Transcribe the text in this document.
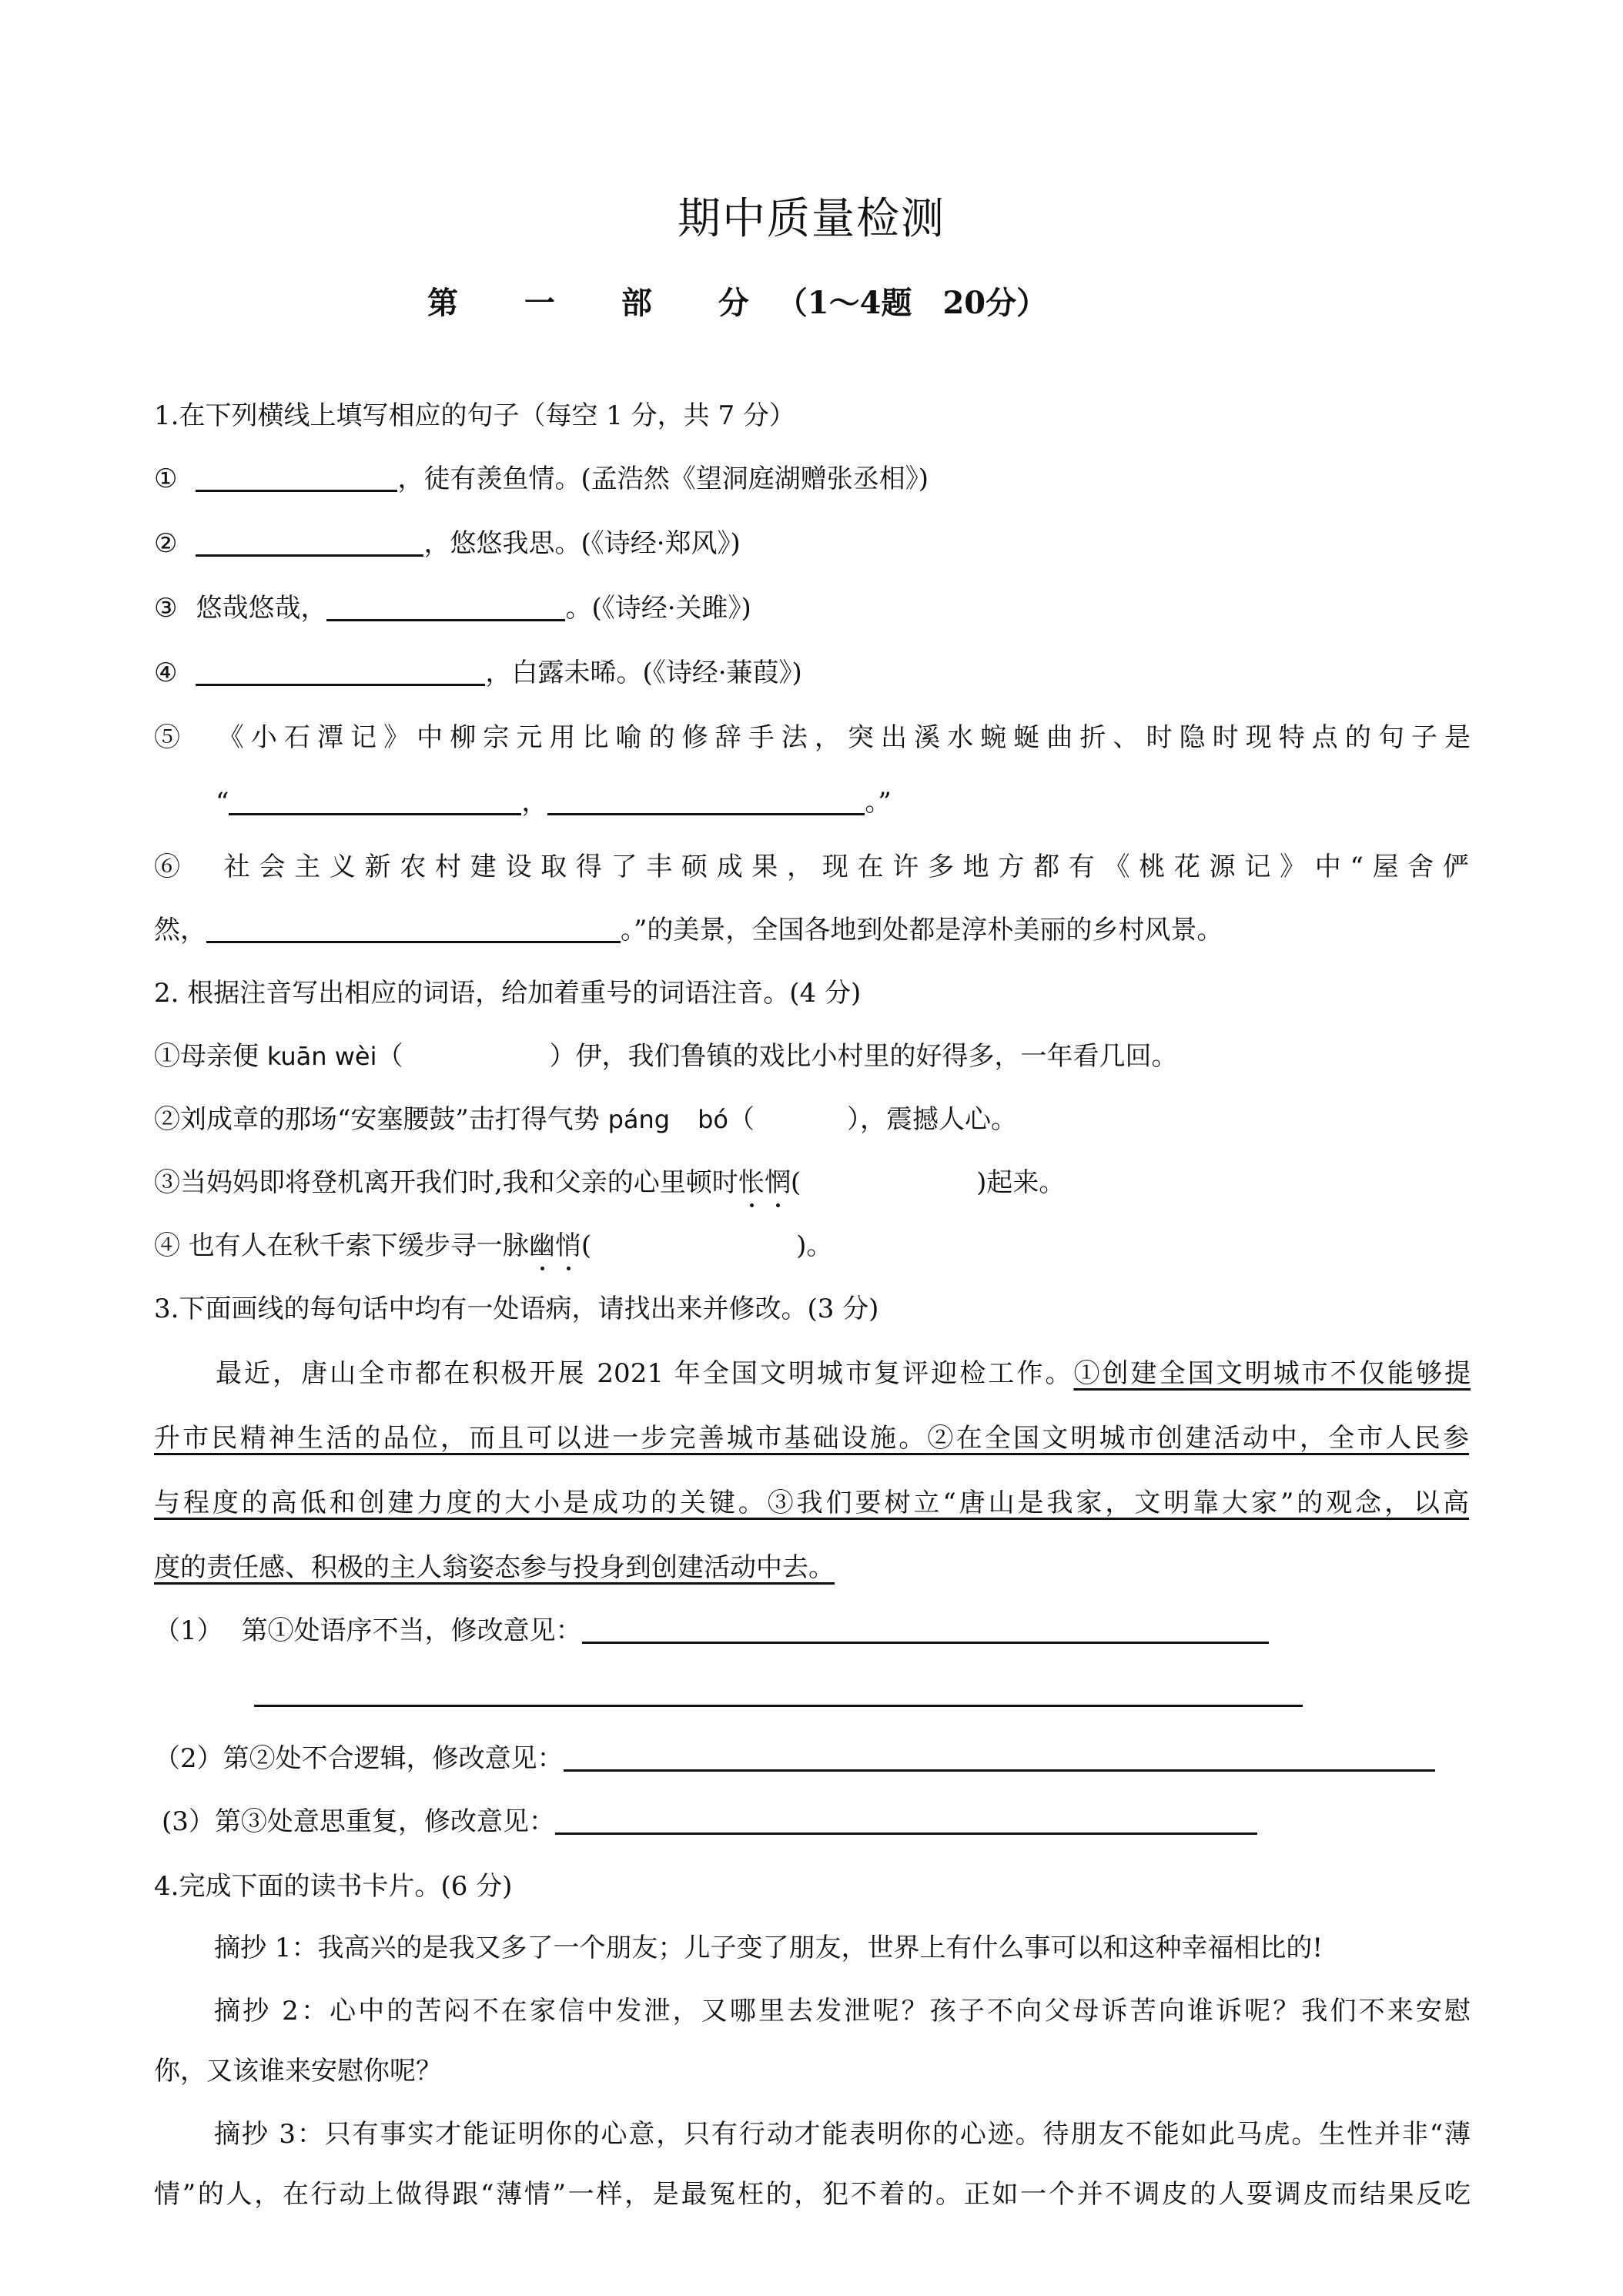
期中质量检测
第 一 部 分（1～4题　20分）
1.在下列横线上填写相应的句子（每空 1 分，共 7 分）
①	，徒有羡鱼情。(孟浩然《望洞庭湖赠张丞相》)
②	，悠悠我思。(《诗经·郑风》)
③ 悠哉悠哉，	。(《诗经·关雎》)
④	，白露未晞。(《诗经·蒹葭》)
⑤ 《小石潭记》中柳宗元用比喻的修辞手法，突出溪水蜿蜒曲折、时隐时现特点的句子是
“	，	。”
⑥ 社会主义新农村建设取得了丰硕成果，现在许多地方都有《桃花源记》中“屋舍俨
然，	。”的美景，全国各地到处都是淳朴美丽的乡村风景。
2. 根据注音写出相应的词语，给加着重号的词语注音。(4 分)
①母亲便 kuān wèi（	）伊，我们鲁镇的戏比小村里的好得多，一年看几回。
②刘成章的那场“安塞腰鼓”击打得气势 páng bó（	），震撼人心。
③当妈妈即将登机离开我们时,我和父亲的心里顿时怅惘(	)起来。
④ 也有人在秋千索下缓步寻一脉幽悄(	)。
3.下面画线的每句话中均有一处语病，请找出来并修改。(3 分)
最近，唐山全市都在积极开展 2021 年全国文明城市复评迎检工作。①创建全国文明城市不仅能够提
升市民精神生活的品位，而且可以进一步完善城市基础设施。②在全国文明城市创建活动中，全市人民参
与程度的高低和创建力度的大小是成功的关键。③我们要树立“唐山是我家，文明靠大家”的观念，以高
度的责任感、积极的主人翁姿态参与投身到创建活动中去。
（1） 第①处语序不当，修改意见：
（2）第②处不合逻辑，修改意见：
(3）第③处意思重复，修改意见：
4.完成下面的读书卡片。(6 分)
摘抄 1：我高兴的是我又多了一个朋友；儿子变了朋友，世界上有什么事可以和这种幸福相比的!
摘抄 2：心中的苦闷不在家信中发泄，又哪里去发泄呢？孩子不向父母诉苦向谁诉呢？我们不来安慰
你，又该谁来安慰你呢？
摘抄 3：只有事实才能证明你的心意，只有行动才能表明你的心迹。待朋友不能如此马虎。生性并非“薄
情”的人，在行动上做得跟“薄情”一样，是最冤枉的，犯不着的。正如一个并不调皮的人耍调皮而结果反吃
